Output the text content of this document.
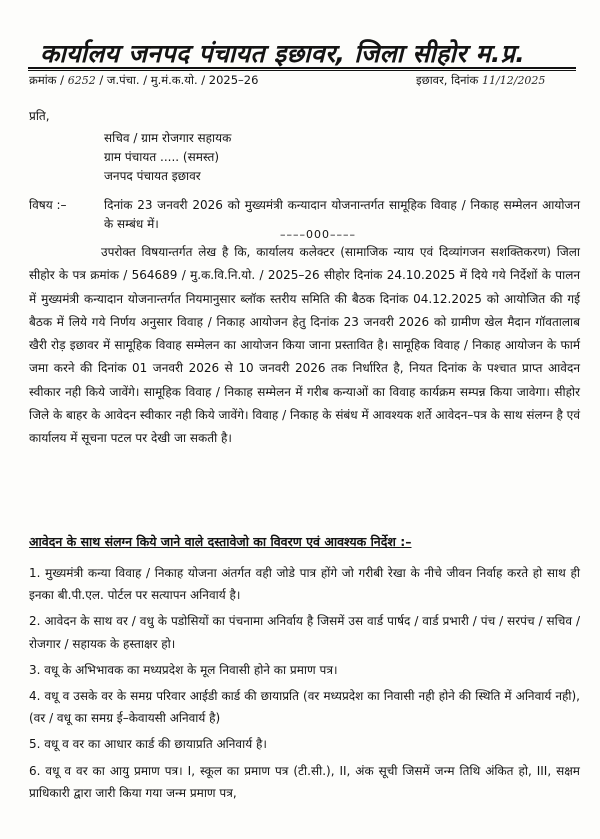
कार्यालय जनपद पंचायत इछावर, जिला सीहोर म.प्र.
क्रमांक / 6252 / ज.पंचा. / मु.मं.क.यो. / 2025–26	इछावर, दिनांक 11/12/2025
प्रति,
सचिव / ग्राम रोजगार सहायक
ग्राम पंचायत ..... (समस्त)
जनपद पंचायत इछावर
विषय :–	दिनांक 23 जनवरी 2026 को मुख्यमंत्री कन्यादान योजनान्तर्गत सामूहिक विवाह / निकाह सम्मेलन आयोजन के सम्बंध में।
––––000––––
उपरोक्त विषयान्तर्गत लेख है कि, कार्यालय कलेक्टर (सामाजिक न्याय एवं दिव्यांगजन सशक्तिकरण) जिला सीहोर के पत्र क्रमांक / 564689 / मु.क.वि.नि.यो. / 2025–26 सीहोर दिनांक 24.10.2025 में दिये गये निर्देशों के पालन में मुख्यमंत्री कन्यादान योजनान्तर्गत नियमानुसार ब्लॉक स्तरीय समिति की बैठक दिनांक 04.12.2025 को आयोजित की गई बैठक में लिये गये निर्णय अनुसार विवाह / निकाह आयोजन हेतु दिनांक 23 जनवरी 2026 को ग्रामीण खेल मैदान गॉवतालाब खैरी रोड़ इछावर में सामूहिक विवाह सम्मेलन का आयोजन किया जाना प्रस्तावित है। सामूहिक विवाह / निकाह आयोजन के फार्म जमा करने की दिनांक 01 जनवरी 2026 से 10 जनवरी 2026 तक निर्धारित है, नियत दिनांक के पश्चात प्राप्त आवेदन स्वीकार नही किये जावेंगे। सामूहिक विवाह / निकाह सम्मेलन में गरीब कन्याओं का विवाह कार्यक्रम सम्पन्न किया जावेगा। सीहोर जिले के बाहर के आवेदन स्वीकार नही किये जावेंगे। विवाह / निकाह के संबंध में आवश्यक शर्ते आवेदन–पत्र के साथ संलग्न है एवं कार्यालय में सूचना पटल पर देखी जा सकती है।
आवेदन के साथ संलग्न किये जाने वाले दस्तावेजो का विवरण एवं आवश्यक निर्देश :–
1. मुख्यमंत्री कन्या विवाह / निकाह योजना अंतर्गत वही जोडे पात्र होंगे जो गरीबी रेखा के नीचे जीवन निर्वाह करते हो साथ ही इनका बी.पी.एल. पोर्टल पर सत्यापन अनिवार्य है।
2. आवेदन के साथ वर / वधु के पडोसियों का पंचनामा अनिर्वाय है जिसमें उस वार्ड पार्षद / वार्ड प्रभारी / पंच / सरपंच / सचिव / रोजगार / सहायक के हस्ताक्षर हो।
3. वधू के अभिभावक का मध्यप्रदेश के मूल निवासी होने का प्रमाण पत्र।
4. वधू व उसके वर के समग्र परिवार आईडी कार्ड की छायाप्रति (वर मध्यप्रदेश का निवासी नही होने की स्थिति में अनिवार्य नही), (वर / वधू का समग्र ई–केवायसी अनिवार्य है)
5. वधू व वर का आधार कार्ड की छायाप्रति अनिवार्य है।
6. वधू व वर का आयु प्रमाण पत्र। I, स्कूल का प्रमाण पत्र (टी.सी.), II, अंक सूची जिसमें जन्म तिथि अंकित हो, III, सक्षम प्राधिकारी द्वारा जारी किया गया जन्म प्रमाण पत्र,
